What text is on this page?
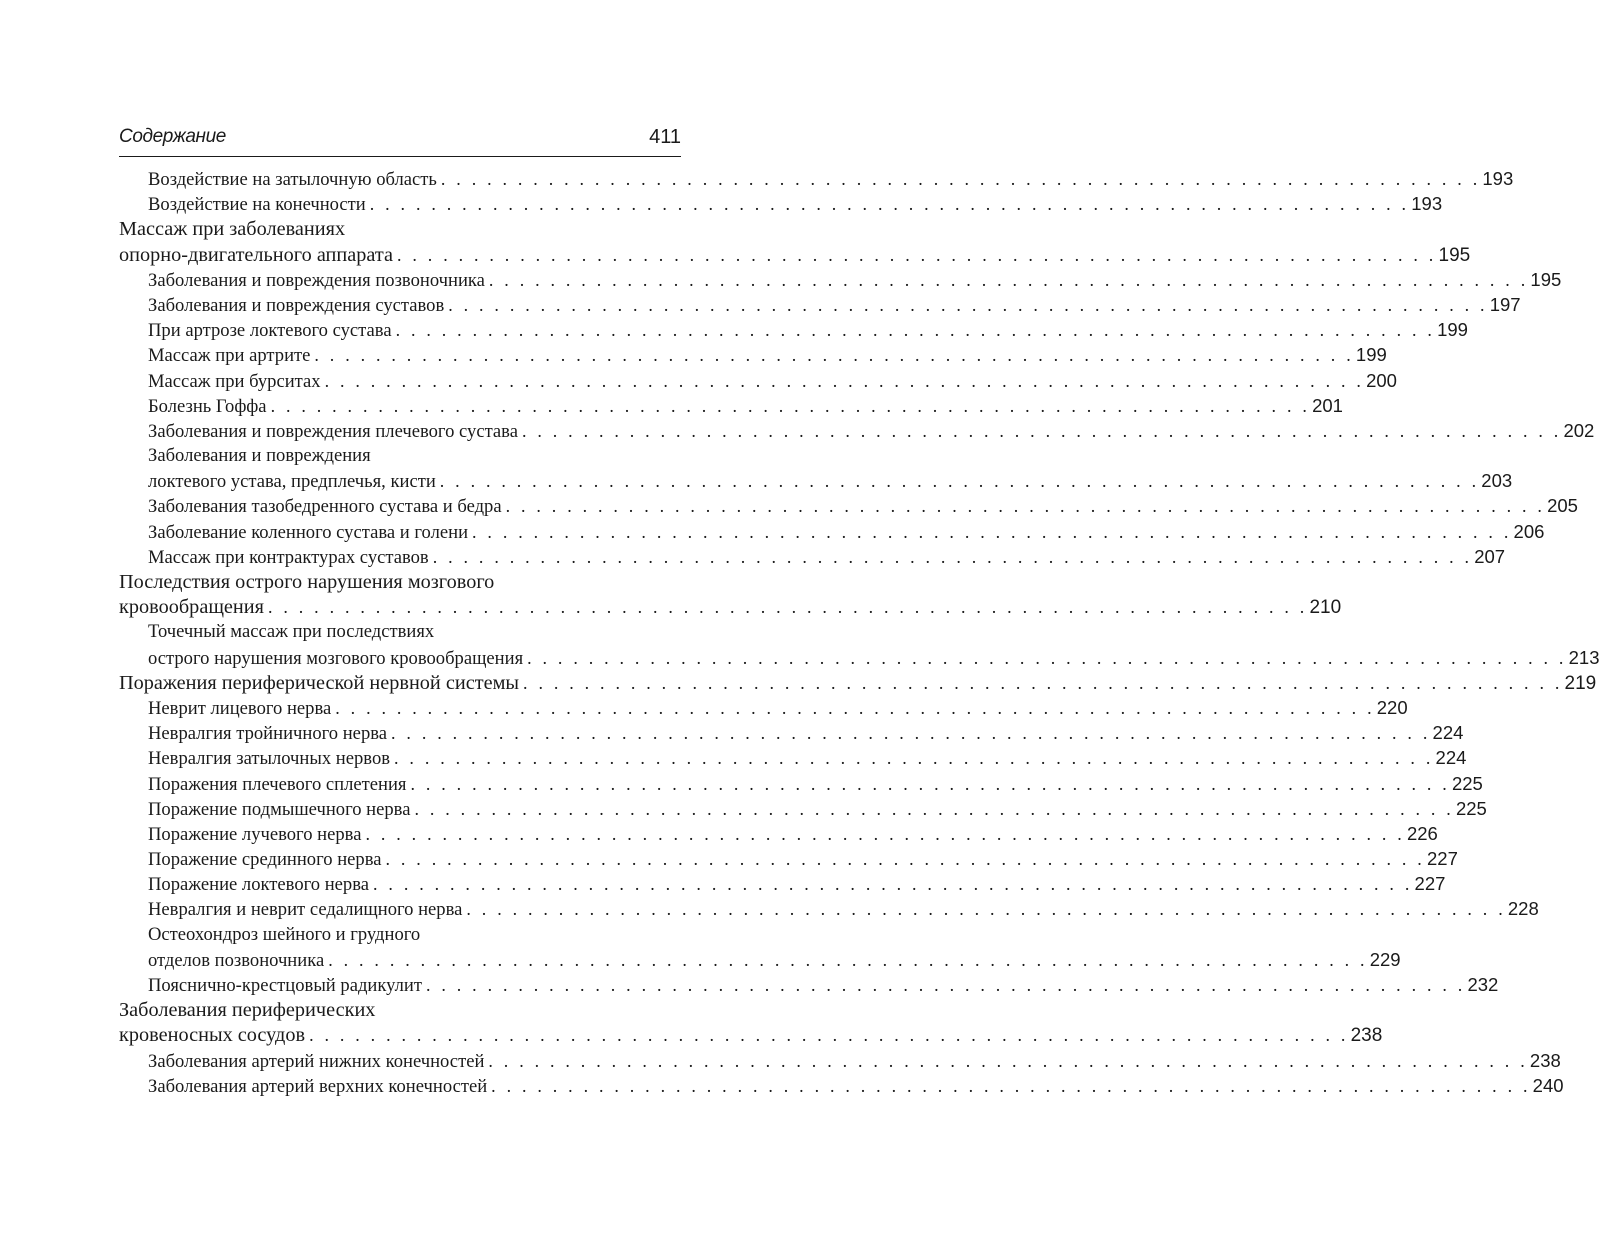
Содержание	411
Воздействие на затылочную область . . . . . . . . . . . . . . . . . . . . . . . . . . . . . . . . . . . . . . . . . . . . . . . . . . . . . . . . . . . . . . . . . . . . 193
Воздействие на конечности . . . . . . . . . . . . . . . . . . . . . . . . . . . . . . . . . . . . . . . . . . . . . . . . . . . . . . . . . . . . . . . . . . . . 193
Массаж при заболеваниях
опорно-двигательного аппарата . . . . . . . . . . . . . . . . . . . . . . . . . . . . . . . . . . . . . . . . . . . . . . . . . . . . . . . . . . . . . . . . . . . . 195
Заболевания и повреждения позвоночника . . . . . . . . . . . . . . . . . . . . . . . . . . . . . . . . . . . . . . . . . . . . . . . . . . . . . . . . . . . . . . . . . . . . 195
Заболевания и повреждения суставов . . . . . . . . . . . . . . . . . . . . . . . . . . . . . . . . . . . . . . . . . . . . . . . . . . . . . . . . . . . . . . . . . . . . 197
При артрозе локтевого сустава . . . . . . . . . . . . . . . . . . . . . . . . . . . . . . . . . . . . . . . . . . . . . . . . . . . . . . . . . . . . . . . . . . . . 199
Массаж при артрите . . . . . . . . . . . . . . . . . . . . . . . . . . . . . . . . . . . . . . . . . . . . . . . . . . . . . . . . . . . . . . . . . . . . 199
Массаж при бурситах . . . . . . . . . . . . . . . . . . . . . . . . . . . . . . . . . . . . . . . . . . . . . . . . . . . . . . . . . . . . . . . . . . . . 200
Болезнь Гоффа . . . . . . . . . . . . . . . . . . . . . . . . . . . . . . . . . . . . . . . . . . . . . . . . . . . . . . . . . . . . . . . . . . . . 201
Заболевания и повреждения плечевого сустава . . . . . . . . . . . . . . . . . . . . . . . . . . . . . . . . . . . . . . . . . . . . . . . . . . . . . . . . . . . . . . . . . . . . 202
Заболевания и повреждения
локтевого устава, предплечья, кисти . . . . . . . . . . . . . . . . . . . . . . . . . . . . . . . . . . . . . . . . . . . . . . . . . . . . . . . . . . . . . . . . . . . . 203
Заболевания тазобедренного сустава и бедра . . . . . . . . . . . . . . . . . . . . . . . . . . . . . . . . . . . . . . . . . . . . . . . . . . . . . . . . . . . . . . . . . . . . 205
Заболевание коленного сустава и голени . . . . . . . . . . . . . . . . . . . . . . . . . . . . . . . . . . . . . . . . . . . . . . . . . . . . . . . . . . . . . . . . . . . . 206
Массаж при контрактурах суставов . . . . . . . . . . . . . . . . . . . . . . . . . . . . . . . . . . . . . . . . . . . . . . . . . . . . . . . . . . . . . . . . . . . . 207
Последствия острого нарушения мозгового
кровообращения . . . . . . . . . . . . . . . . . . . . . . . . . . . . . . . . . . . . . . . . . . . . . . . . . . . . . . . . . . . . . . . . . . . . 210
Точечный массаж при последствиях
острого нарушения мозгового кровообращения . . . . . . . . . . . . . . . . . . . . . . . . . . . . . . . . . . . . . . . . . . . . . . . . . . . . . . . . . . . . . . . . . . . . 213
Поражения периферической нервной системы . . . . . . . . . . . . . . . . . . . . . . . . . . . . . . . . . . . . . . . . . . . . . . . . . . . . . . . . . . . . . . . . . . . . 219
Неврит лицевого нерва . . . . . . . . . . . . . . . . . . . . . . . . . . . . . . . . . . . . . . . . . . . . . . . . . . . . . . . . . . . . . . . . . . . . 220
Невралгия тройничного нерва . . . . . . . . . . . . . . . . . . . . . . . . . . . . . . . . . . . . . . . . . . . . . . . . . . . . . . . . . . . . . . . . . . . . 224
Невралгия затылочных нервов . . . . . . . . . . . . . . . . . . . . . . . . . . . . . . . . . . . . . . . . . . . . . . . . . . . . . . . . . . . . . . . . . . . . 224
Поражения плечевого сплетения . . . . . . . . . . . . . . . . . . . . . . . . . . . . . . . . . . . . . . . . . . . . . . . . . . . . . . . . . . . . . . . . . . . . 225
Поражение подмышечного нерва . . . . . . . . . . . . . . . . . . . . . . . . . . . . . . . . . . . . . . . . . . . . . . . . . . . . . . . . . . . . . . . . . . . . 225
Поражение лучевого нерва . . . . . . . . . . . . . . . . . . . . . . . . . . . . . . . . . . . . . . . . . . . . . . . . . . . . . . . . . . . . . . . . . . . . 226
Поражение срединного нерва . . . . . . . . . . . . . . . . . . . . . . . . . . . . . . . . . . . . . . . . . . . . . . . . . . . . . . . . . . . . . . . . . . . . 227
Поражение локтевого нерва . . . . . . . . . . . . . . . . . . . . . . . . . . . . . . . . . . . . . . . . . . . . . . . . . . . . . . . . . . . . . . . . . . . . 227
Невралгия и неврит седалищного нерва . . . . . . . . . . . . . . . . . . . . . . . . . . . . . . . . . . . . . . . . . . . . . . . . . . . . . . . . . . . . . . . . . . . . 228
Остеохондроз шейного и грудного
отделов позвоночника . . . . . . . . . . . . . . . . . . . . . . . . . . . . . . . . . . . . . . . . . . . . . . . . . . . . . . . . . . . . . . . . . . . . 229
Пояснично-крестцовый радикулит . . . . . . . . . . . . . . . . . . . . . . . . . . . . . . . . . . . . . . . . . . . . . . . . . . . . . . . . . . . . . . . . . . . . 232
Заболевания периферических
кровеносных сосудов . . . . . . . . . . . . . . . . . . . . . . . . . . . . . . . . . . . . . . . . . . . . . . . . . . . . . . . . . . . . . . . . . . . . 238
Заболевания артерий нижних конечностей . . . . . . . . . . . . . . . . . . . . . . . . . . . . . . . . . . . . . . . . . . . . . . . . . . . . . . . . . . . . . . . . . . . . 238
Заболевания артерий верхних конечностей . . . . . . . . . . . . . . . . . . . . . . . . . . . . . . . . . . . . . . . . . . . . . . . . . . . . . . . . . . . . . . . . . . . . 240
